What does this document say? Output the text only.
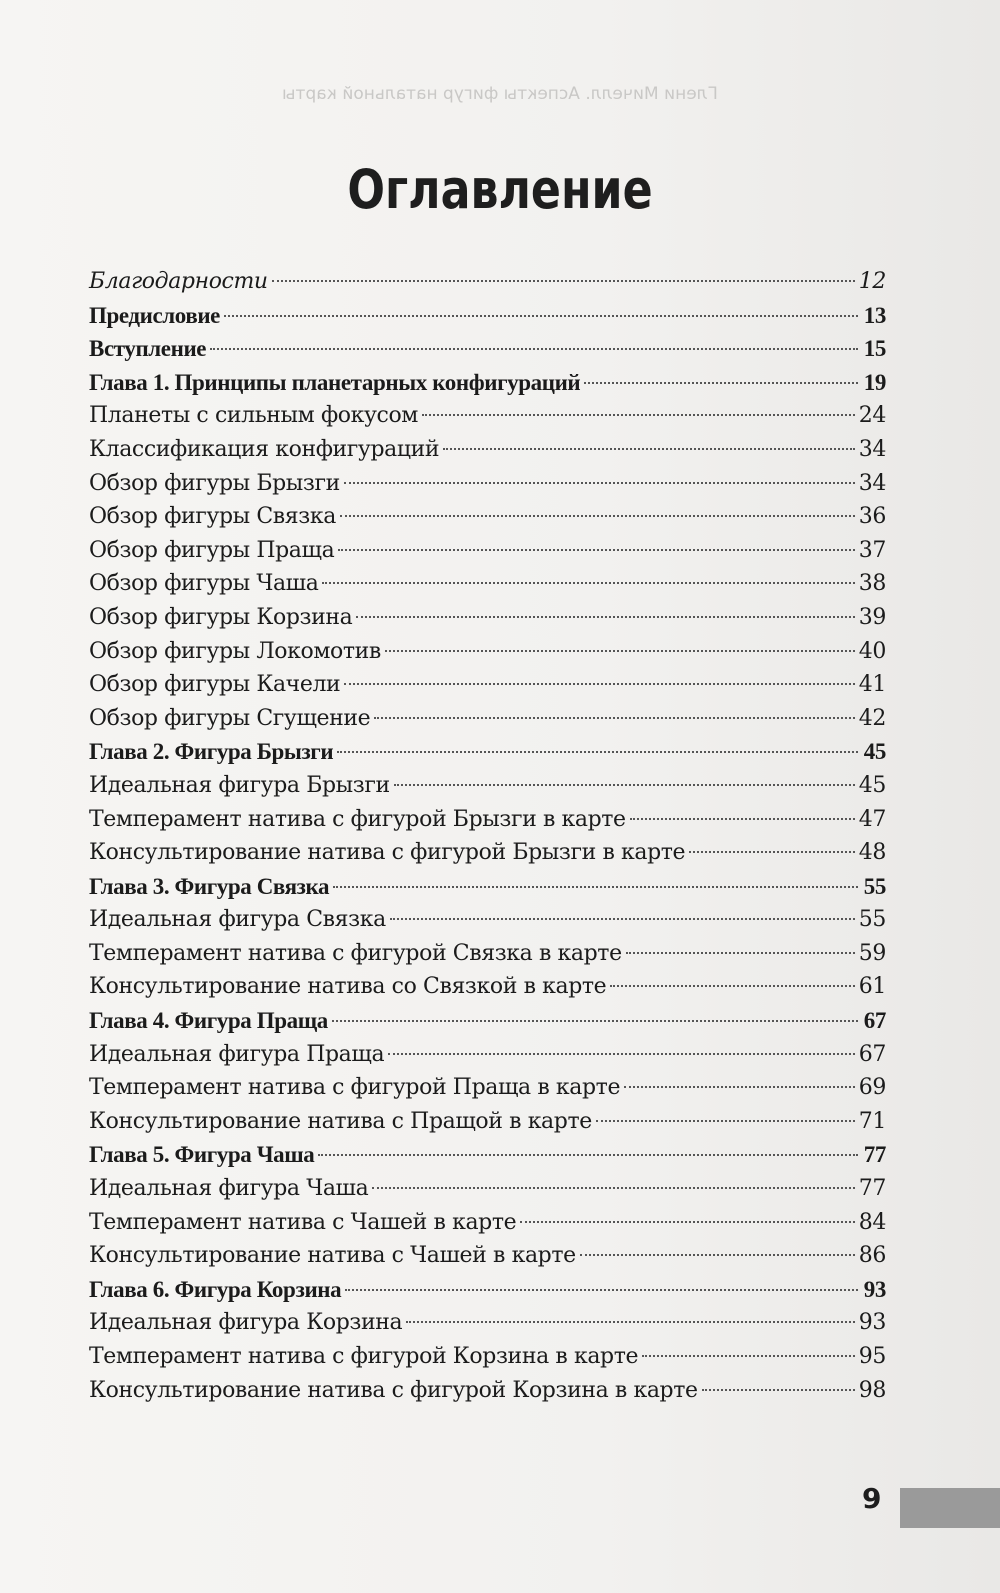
Глени Мичелл. Аспекты фигур натальной карты
Оглавление
Благодарности	12
Предисловие	13
Вступление	15
Глава 1. Принципы планетарных конфигураций	19
Планеты с сильным фокусом	24
Классификация конфигураций	34
Обзор фигуры Брызги	34
Обзор фигуры Связка	36
Обзор фигуры Праща	37
Обзор фигуры Чаша	38
Обзор фигуры Корзина	39
Обзор фигуры Локомотив	40
Обзор фигуры Качели	41
Обзор фигуры Сгущение	42
Глава 2. Фигура Брызги	45
Идеальная фигура Брызги	45
Темперамент натива с фигурой Брызги в карте	47
Консультирование натива с фигурой Брызги в карте	48
Глава 3. Фигура Связка	55
Идеальная фигура Связка	55
Темперамент натива с фигурой Связка в карте	59
Консультирование натива со Связкой в карте	61
Глава 4. Фигура Праща	67
Идеальная фигура Праща	67
Темперамент натива с фигурой Праща в карте	69
Консультирование натива с Пращой в карте	71
Глава 5. Фигура Чаша	77
Идеальная фигура Чаша	77
Темперамент натива с Чашей в карте	84
Консультирование натива с Чашей в карте	86
Глава 6. Фигура Корзина	93
Идеальная фигура Корзина	93
Темперамент натива с фигурой Корзина в карте	95
Консультирование натива с фигурой Корзина в карте	98
9
